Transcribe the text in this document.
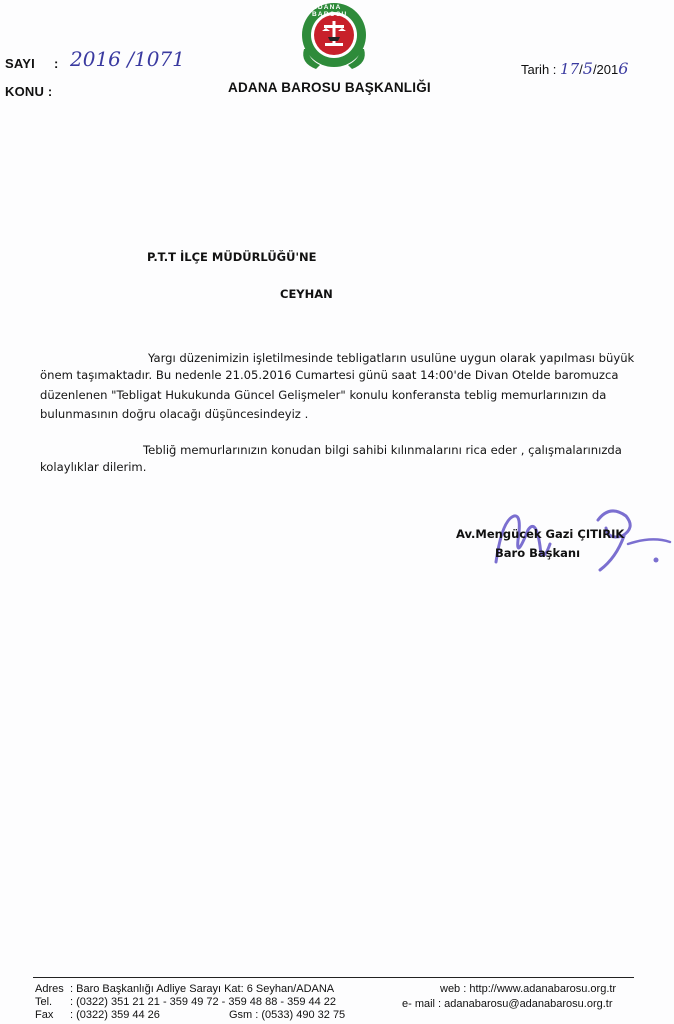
ADANA BAROSU
SAYI : 2016 /1071
KONU :	ADANA BAROSU BAŞKANLIĞI
Tarih : 17/5/2016
P.T.T İLÇE MÜDÜRLÜĞÜ'NE
CEYHAN
Yargı düzenimizin işletilmesinde tebligatların usulüne uygun olarak yapılması büyük
önem taşımaktadır. Bu nedenle 21.05.2016 Cumartesi günü saat 14:00'de Divan Otelde baromuzca
düzenlenen "Tebligat Hukukunda Güncel Gelişmeler" konulu konferansta teblig memurlarınızın da
bulunmasının doğru olacağı düşüncesindeyiz .
Tebliğ memurlarınızın konudan bilgi sahibi kılınmalarını rica eder , çalışmalarınızda
kolaylıklar dilerim.
Av.Mengücek Gazi ÇITIRIK
Baro Başkanı
Adres : Baro Başkanlığı Adliye Sarayı Kat: 6 Seyhan/ADANA
Tel. : (0322) 351 21 21 - 359 49 72 - 359 48 88 - 359 44 22
Fax : (0322) 359 44 26	Gsm : (0533) 490 32 75
web : http://www.adanabarosu.org.tr
e- mail : adanabarosu@adanabarosu.org.tr
